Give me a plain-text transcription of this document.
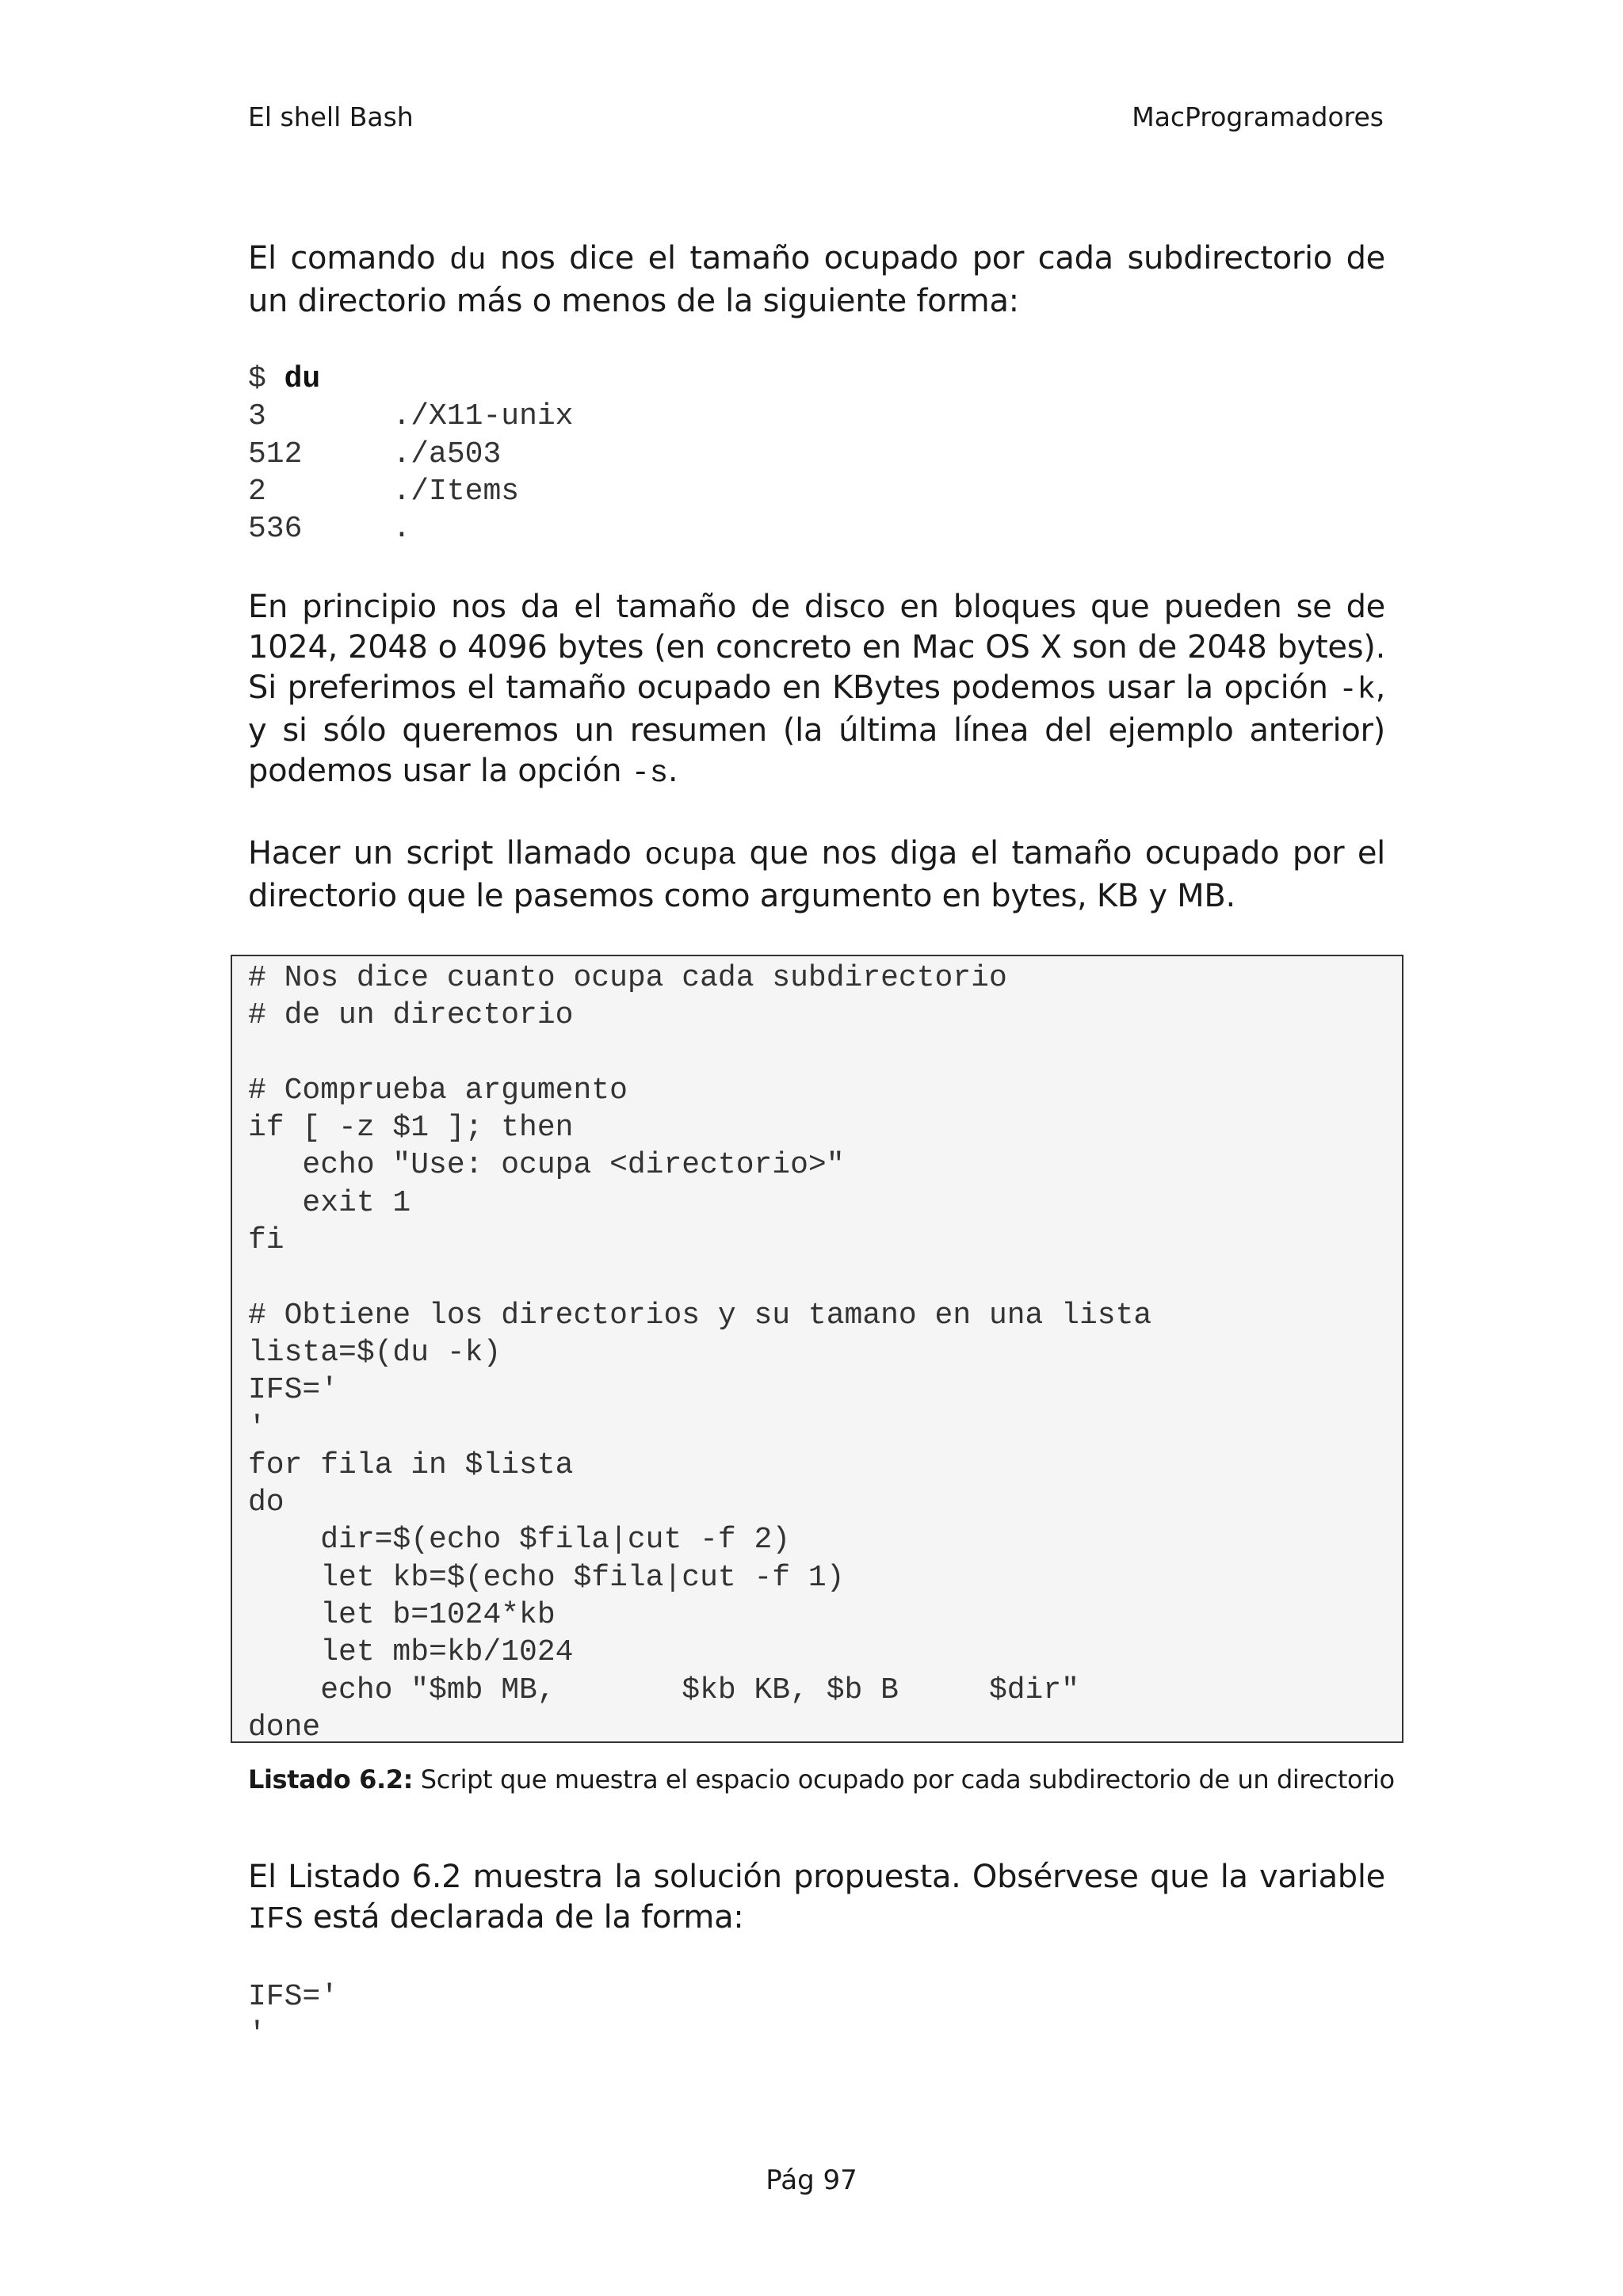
El shell Bash	MacProgramadores

El comando du nos dice el tamaño ocupado por cada subdirectorio de un directorio más o menos de la siguiente forma:

$ du
3	./X11-unix
512	./a503
2	./Items
536	.

En principio nos da el tamaño de disco en bloques que pueden se de 1024, 2048 o 4096 bytes (en concreto en Mac OS X son de 2048 bytes). Si preferimos el tamaño ocupado en KBytes podemos usar la opción -k, y si sólo queremos un resumen (la última línea del ejemplo anterior) podemos usar la opción -s.

Hacer un script llamado ocupa que nos diga el tamaño ocupado por el directorio que le pasemos como argumento en bytes, KB y MB.

# Nos dice cuanto ocupa cada subdirectorio
# de un directorio

# Comprueba argumento
if [ -z $1 ]; then
echo "Use: ocupa <directorio>"
exit 1
fi

# Obtiene los directorios y su tamano en una lista
lista=$(du -k)
IFS='
'
for fila in $lista
do
dir=$(echo $fila|cut -f 2)
let kb=$(echo $fila|cut -f 1)
let b=1024*kb
let mb=kb/1024
echo "$mb MB,       $kb KB, $b B     $dir"
done
Listado 6.2: Script que muestra el espacio ocupado por cada subdirectorio de un directorio

El Listado 6.2 muestra la solución propuesta. Obsérvese que la variable IFS está declarada de la forma:

IFS='
'
Pág 97
